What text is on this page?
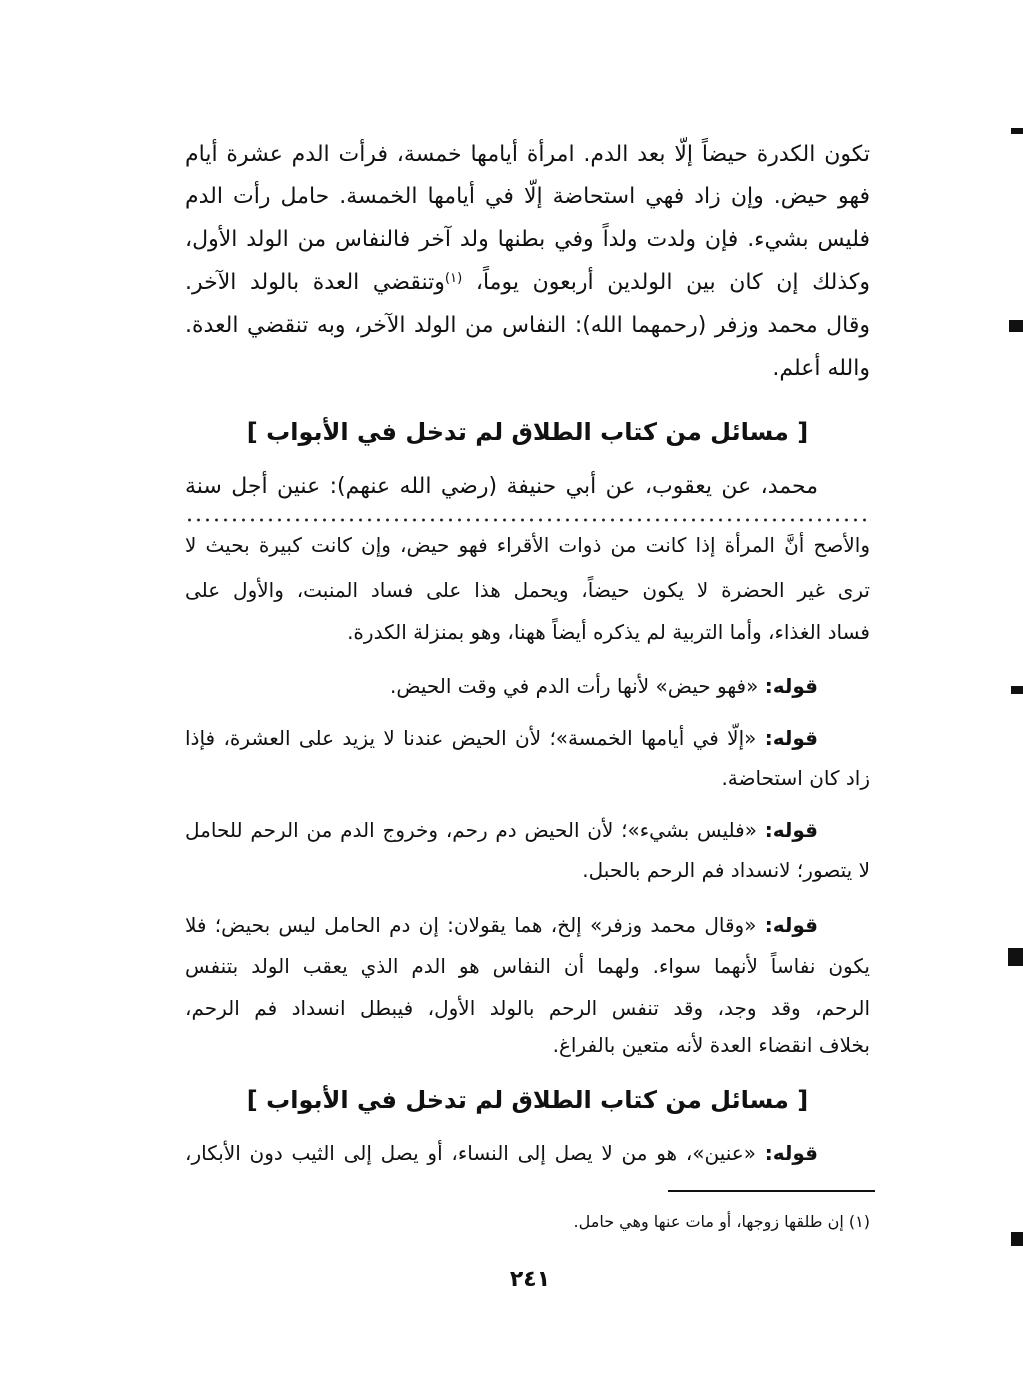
تكون الكدرة حيضاً إلّا بعد الدم. امرأة أيامها خمسة، فرأت الدم عشرة أيام
فهو حيض. وإن زاد فهي استحاضة إلّا في أيامها الخمسة. حامل رأت الدم
فليس بشيء. فإن ولدت ولداً وفي بطنها ولد آخر فالنفاس من الولد الأول،
وكذلك إن كان بين الولدين أربعون يوماً، $^{(١)}$وتنقضي العدة بالولد الآخر.
وقال محمد وزفر (رحمهما الله): النفاس من الولد الآخر، وبه تنقضي العدة.
والله أعلم.
[ مسائل من كتاب الطلاق لم تدخل في الأبواب ]
محمد، عن يعقوب، عن أبي حنيفة (رضي الله عنهم): عنين أجل سنة
والأصح أنَّ المرأة إذا كانت من ذوات الأقراء فهو حيض، وإن كانت كبيرة بحيث لا
ترى غير الحضرة لا يكون حيضاً، ويحمل هذا على فساد المنبت، والأول على
فساد الغذاء، وأما التربية لم يذكره أيضاً ههنا، وهو بمنزلة الكدرة.
قوله: «فهو حيض» لأنها رأت الدم في وقت الحيض.
قوله: «إلّا في أيامها الخمسة»؛ لأن الحيض عندنا لا يزيد على العشرة، فإذا
زاد كان استحاضة.
قوله: «فليس بشيء»؛ لأن الحيض دم رحم، وخروج الدم من الرحم للحامل
لا يتصور؛ لانسداد فم الرحم بالحبل.
قوله: «وقال محمد وزفر» إلخ، هما يقولان: إن دم الحامل ليس بحيض؛ فلا
يكون نفاساً لأنهما سواء. ولهما أن النفاس هو الدم الذي يعقب الولد بتنفس
الرحم، وقد وجد، وقد تنفس الرحم بالولد الأول، فيبطل انسداد فم الرحم،
بخلاف انقضاء العدة لأنه متعين بالفراغ.
[ مسائل من كتاب الطلاق لم تدخل في الأبواب ]
قوله: «عنين»، هو من لا يصل إلى النساء، أو يصل إلى الثيب دون الأبكار،
(١) إن طلقها زوجها، أو مات عنها وهي حامل.
٢٤١
